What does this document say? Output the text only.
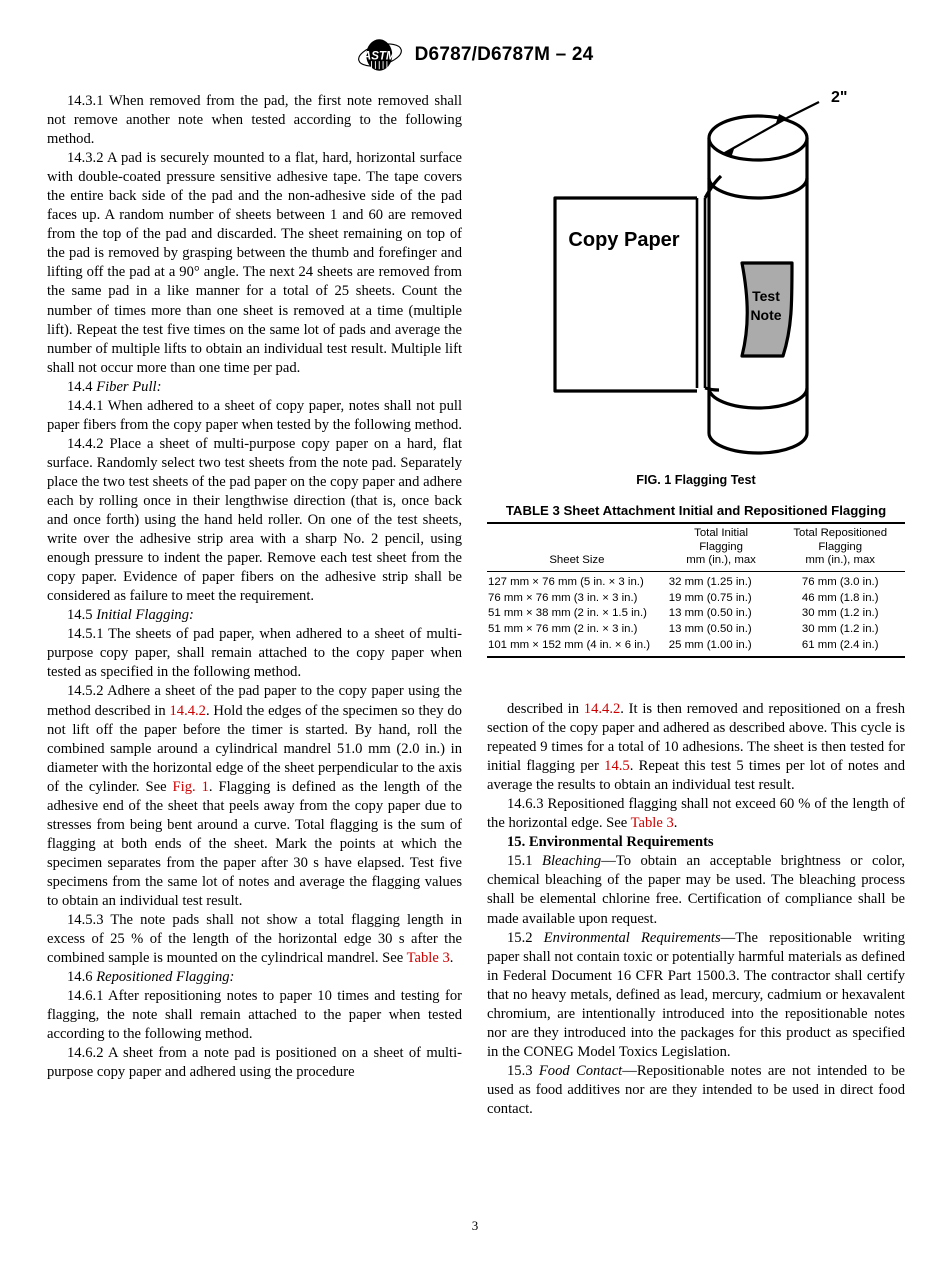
ASTM D6787/D6787M – 24

14.3.1 When removed from the pad, the first note removed shall not remove another note when tested according to the following method.

14.3.2 A pad is securely mounted to a flat, hard, horizontal surface with double-coated pressure sensitive adhesive tape. The tape covers the entire back side of the pad and the non-adhesive side of the pad faces up. A random number of sheets between 1 and 60 are removed from the top of the pad and discarded. The sheet remaining on top of the pad is removed by grasping between the thumb and forefinger and lifting off the pad at a 90° angle. The next 24 sheets are removed from the same pad in a like manner for a total of 25 sheets. Count the number of times more than one sheet is removed at a time (multiple lift). Repeat the test five times on the same lot of pads and average the number of multiple lifts to obtain an individual test result. Multiple lift shall not occur more than one time per pad.

14.4 Fiber Pull:

14.4.1 When adhered to a sheet of copy paper, notes shall not pull paper fibers from the copy paper when tested by the following method.

14.4.2 Place a sheet of multi-purpose copy paper on a hard, flat surface. Randomly select two test sheets from the note pad. Separately place the two test sheets of the pad paper on the copy paper and adhere each by rolling once in their lengthwise direction (that is, once back and once forth) using the hand held roller. On one of the test sheets, write over the adhesive strip area with a sharp No. 2 pencil, using enough pressure to indent the paper. Remove each test sheet from the copy paper. Evidence of paper fibers on the adhesive strip shall be considered as failure to meet the requirement.

14.5 Initial Flagging:

14.5.1 The sheets of pad paper, when adhered to a sheet of multi-purpose copy paper, shall remain attached to the copy paper when tested as specified in the following method.

14.5.2 Adhere a sheet of the pad paper to the copy paper using the method described in 14.4.2. Hold the edges of the specimen so they do not lift off the paper before the timer is started. By hand, roll the combined sample around a cylindrical mandrel 51.0 mm (2.0 in.) in diameter with the horizontal edge of the sheet perpendicular to the axis of the cylinder. See Fig. 1. Flagging is defined as the length of the adhesive end of the sheet that peels away from the copy paper due to stresses from being bent around a curve. Total flagging is the sum of flagging at both ends of the sheet. Mark the points at which the specimen separates from the paper after 30 s have elapsed. Test five specimens from the same lot of notes and average the flagging values to obtain an individual test result.

14.5.3 The note pads shall not show a total flagging length in excess of 25 % of the length of the horizontal edge 30 s after the combined sample is mounted on the cylindrical mandrel. See Table 3.

14.6 Repositioned Flagging:

14.6.1 After repositioning notes to paper 10 times and testing for flagging, the note shall remain attached to the paper when tested according to the following method.

14.6.2 A sheet from a note pad is positioned on a sheet of multi-purpose copy paper and adhered using the procedure

Copy Paper
2"
Test
Note
FIG. 1 Flagging Test
TABLE 3 Sheet Attachment Initial and Repositioned Flagging
Sheet Size	Total Initial
Flagging
mm (in.), max	Total Repositioned
Flagging
mm (in.), max
127 mm × 76 mm (5 in. × 3 in.)	32 mm (1.25 in.)	76 mm (3.0 in.)
76 mm × 76 mm (3 in. × 3 in.)	19 mm (0.75 in.)	46 mm (1.8 in.)
51 mm × 38 mm (2 in. × 1.5 in.)	13 mm (0.50 in.)	30 mm (1.2 in.)
51 mm × 76 mm (2 in. × 3 in.)	13 mm (0.50 in.)	30 mm (1.2 in.)
101 mm × 152 mm (4 in. × 6 in.)	25 mm (1.00 in.)	61 mm (2.4 in.)

described in 14.4.2. It is then removed and repositioned on a fresh section of the copy paper and adhered as described above. This cycle is repeated 9 times for a total of 10 adhesions. The sheet is then tested for initial flagging per 14.5. Repeat this test 5 times per lot of notes and average the results to obtain an individual test result.

14.6.3 Repositioned flagging shall not exceed 60 % of the length of the horizontal edge. See Table 3.

15. Environmental Requirements

15.1 Bleaching—To obtain an acceptable brightness or color, chemical bleaching of the paper may be used. The bleaching process shall be elemental chlorine free. Certification of compliance shall be made available upon request.

15.2 Environmental Requirements—The repositionable writing paper shall not contain toxic or potentially harmful materials as defined in Federal Document 16 CFR Part 1500.3. The contractor shall certify that no heavy metals, defined as lead, mercury, cadmium or hexavalent chromium, are intentionally introduced into the repositionable notes nor are they introduced into the packages for this product as specified in the CONEG Model Toxics Legislation.

15.3 Food Contact—Repositionable notes are not intended to be used as food additives nor are they intended to be used in direct food contact.

3
